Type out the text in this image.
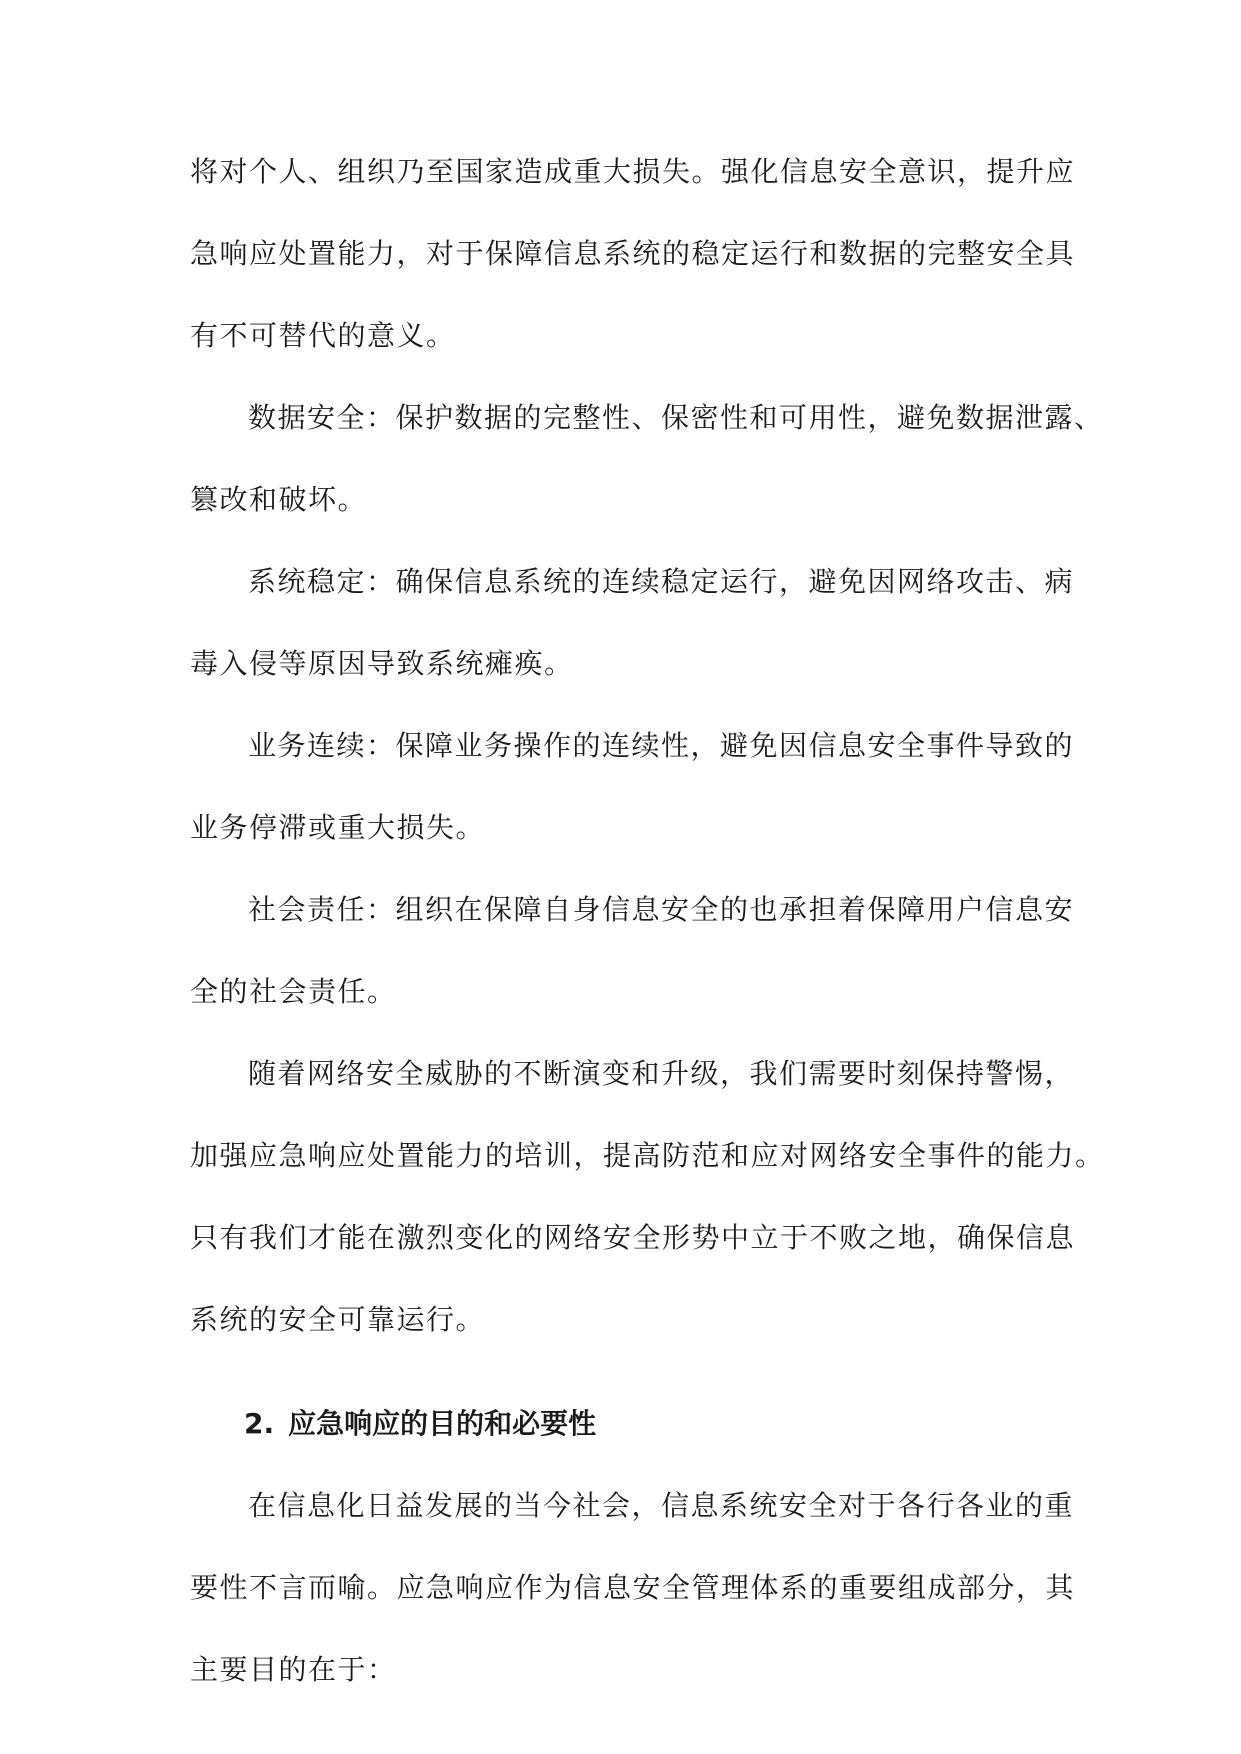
将对个人、组织乃至国家造成重大损失。强化信息安全意识，提升应
急响应处置能力，对于保障信息系统的稳定运行和数据的完整安全具
有不可替代的意义。
数据安全：保护数据的完整性、保密性和可用性，避免数据泄露、
篡改和破坏。
系统稳定：确保信息系统的连续稳定运行，避免因网络攻击、病
毒入侵等原因导致系统瘫痪。
业务连续：保障业务操作的连续性，避免因信息安全事件导致的
业务停滞或重大损失。
社会责任：组织在保障自身信息安全的也承担着保障用户信息安
全的社会责任。
随着网络安全威胁的不断演变和升级，我们需要时刻保持警惕，
加强应急响应处置能力的培训，提高防范和应对网络安全事件的能力。
只有我们才能在激烈变化的网络安全形势中立于不败之地，确保信息
系统的安全可靠运行。
2. 应急响应的目的和必要性
在信息化日益发展的当今社会，信息系统安全对于各行各业的重
要性不言而喻。应急响应作为信息安全管理体系的重要组成部分，其
主要目的在于：
